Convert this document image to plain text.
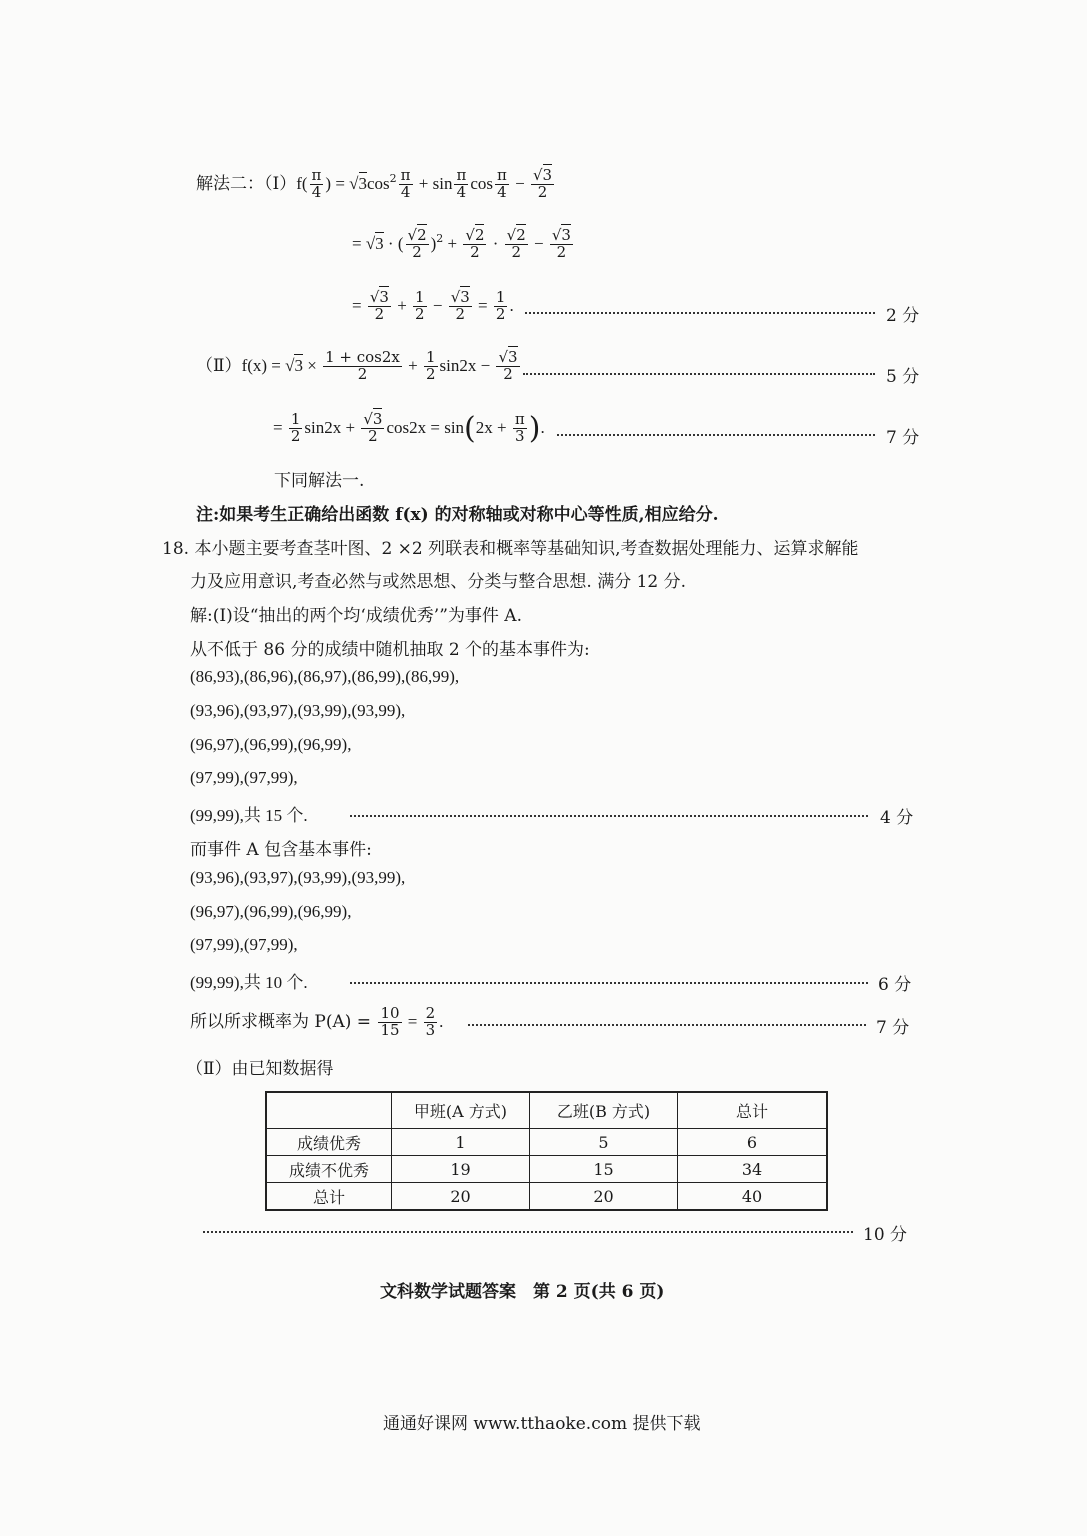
解法二：（Ⅰ）f( $\frac{\pi}{4}$ ) = $√3\cos^2 \frac{\pi}{4} + \sin \frac{\pi}{4}$ $\cos \frac{\pi}{4} - \frac{√3}{2}$
= √3 · ( $\frac{√2}{2} )^2 + \frac{√2}{2} \cdot \frac{√2}{2} - \frac{√3}{2}$
= $\frac{√3}{2} + \frac{1}{2} - \frac{√3}{2} = \frac{1}{2}$ .
2 分
（Ⅱ）f(x) = $√3 \times \frac{1 + \cos 2x}{2} + \frac{1}{2} \sin 2x - \frac{√3}{2}$	5 分
= $\frac{1}{2} \sin 2x + \frac{√3}{2} \cos 2x = \sin(2x + \frac{\pi}{3}$ ).
7 分
下同解法一.
注:如果考生正确给出函数 f(x) 的对称轴或对称中心等性质,相应给分.
18. 本小题主要考查茎叶图、2 ×2 列联表和概率等基础知识,考查数据处理能力、运算求解能
力及应用意识,考查必然与或然思想、分类与整合思想. 满分 12 分.
解:(Ⅰ)设“抽出的两个均‘成绩优秀’”为事件 A.
从不低于 86 分的成绩中随机抽取 2 个的基本事件为:
(86,93),(86,96),(86,97),(86,99),(86,99),
(93,96),(93,97),(93,99),(93,99),
(96,97),(96,99),(96,99),
(97,99),(97,99),
(99,99),共 15 个.	4 分
而事件 A 包含基本事件:
(93,96),(93,97),(93,99),(93,99),
(96,97),(96,99),(96,99),
(97,99),(97,99),
(99,99),共 10 个.	6 分
所以所求概率为 $P(A) = \frac{10}{15} = \frac{2}{3}$ .	7 分
（Ⅱ）由已知数据得
	甲班(A 方式)	乙班(B 方式)	总计
成绩优秀	1	5	6
成绩不优秀	19	15	34
总计	20	20	40
10 分
文科数学试题答案　第 2 页(共 6 页)
通通好课网 www.tthaoke.com 提供下载
